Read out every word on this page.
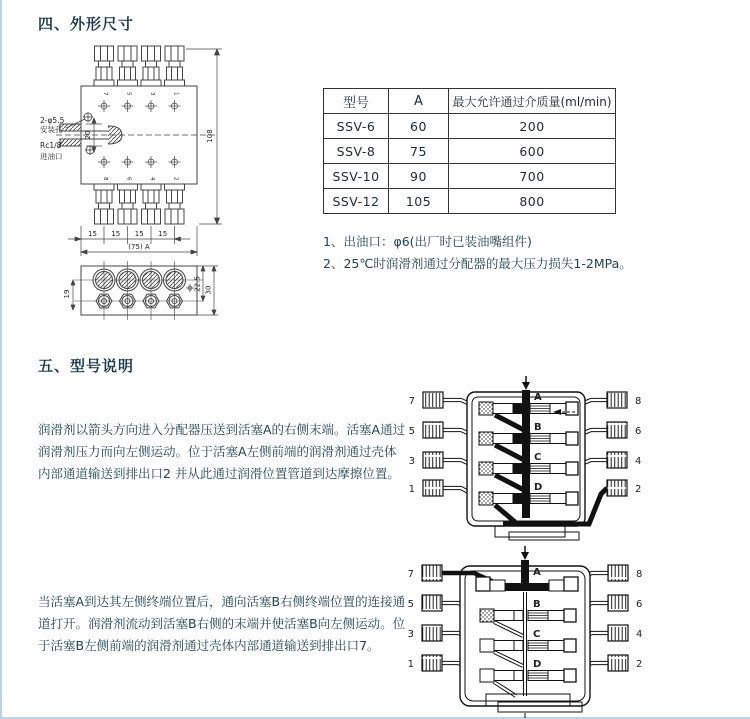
四、外形尺寸
2-φ5.5
安装孔
Rc1/8
进油口
108
20
15 15 15 15
(75) A
19
22.5 30
7	5	3	1
8	6	4	2
型号	A	最大允许通过介质量(ml/min)
SSV-6	60	200
SSV-8	75	600
SSV-10	90	700
SSV-12	105	800
1、出油口：φ6(出厂时已装油嘴组件)
2、25℃时润滑剂通过分配器的最大压力损失1-2MPa。
五、型号说明
润滑剂以箭头方向进入分配器压送到活塞A的右侧末端。活塞A通过
润滑剂压力而向左侧运动。位于活塞A左侧前端的润滑剂通过壳体
内部通道输送到排出口2 并从此通过润滑位置管道到达摩擦位置。
当活塞A到达其左侧终端位置后，通向活塞B右侧终端位置的连接通
道打开。润滑剂流动到活塞B右侧的末端并使活塞B向左侧运动。位
于活塞B左侧前端的润滑剂通过壳体内部通道输送到排出口7。
7
5
3
1
8
6
4
2
A
B
C
D
7
5
3
1
8
6
4
2
A
B
C
D
